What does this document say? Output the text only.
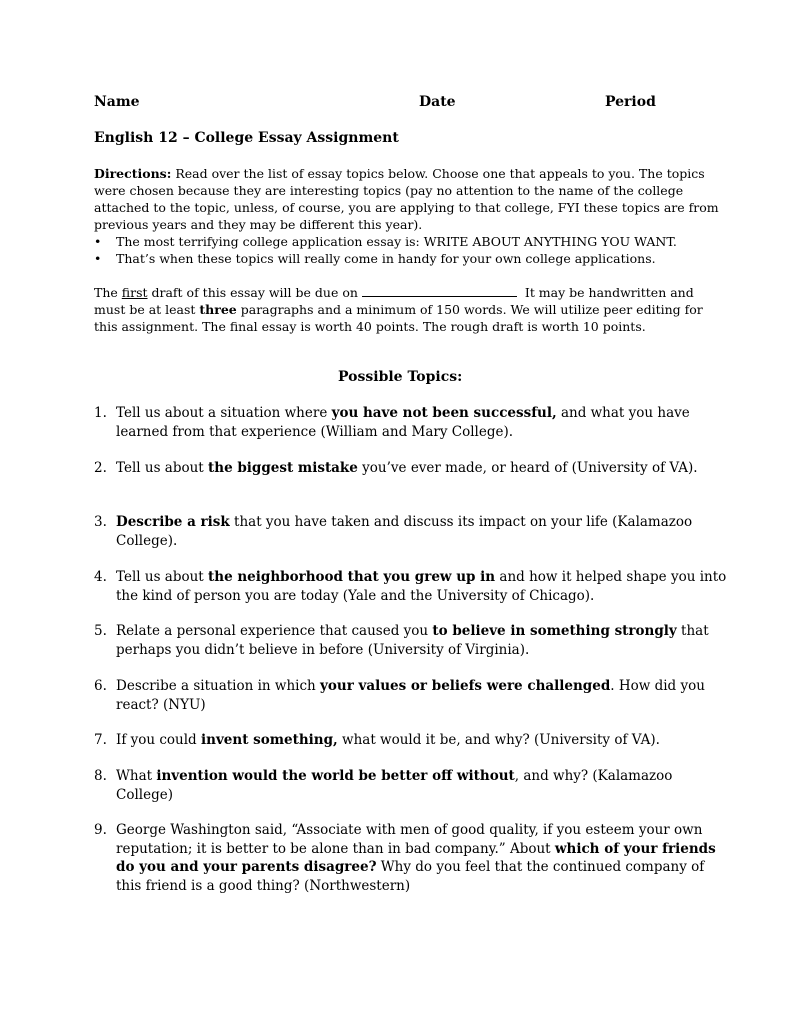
Name	Date	Period
English 12 – College Essay Assignment
Directions: Read over the list of essay topics below. Choose one that appeals to you. The topics
were chosen because they are interesting topics (pay no attention to the name of the college
attached to the topic, unless, of course, you are applying to that college, FYI these topics are from
previous years and they may be different this year).
•	The most terrifying college application essay is: WRITE ABOUT ANYTHING YOU WANT.
•	That’s when these topics will really come in handy for your own college applications.
The first draft of this essay will be due on	It may be handwritten and
must be at least three paragraphs and a minimum of 150 words. We will utilize peer editing for
this assignment. The final essay is worth 40 points. The rough draft is worth 10 points.
Possible Topics:
1. Tell us about a situation where you have not been successful, and what you have
learned from that experience (William and Mary College).
2. Tell us about the biggest mistake you’ve ever made, or heard of (University of VA).
3. Describe a risk that you have taken and discuss its impact on your life (Kalamazoo
College).
4. Tell us about the neighborhood that you grew up in and how it helped shape you into
the kind of person you are today (Yale and the University of Chicago).
5. Relate a personal experience that caused you to believe in something strongly that
perhaps you didn’t believe in before (University of Virginia).
6. Describe a situation in which your values or beliefs were challenged. How did you
react? (NYU)
7. If you could invent something, what would it be, and why? (University of VA).
8. What invention would the world be better off without, and why? (Kalamazoo
College)
9. George Washington said, “Associate with men of good quality, if you esteem your own
reputation; it is better to be alone than in bad company.” About which of your friends
do you and your parents disagree? Why do you feel that the continued company of
this friend is a good thing? (Northwestern)
